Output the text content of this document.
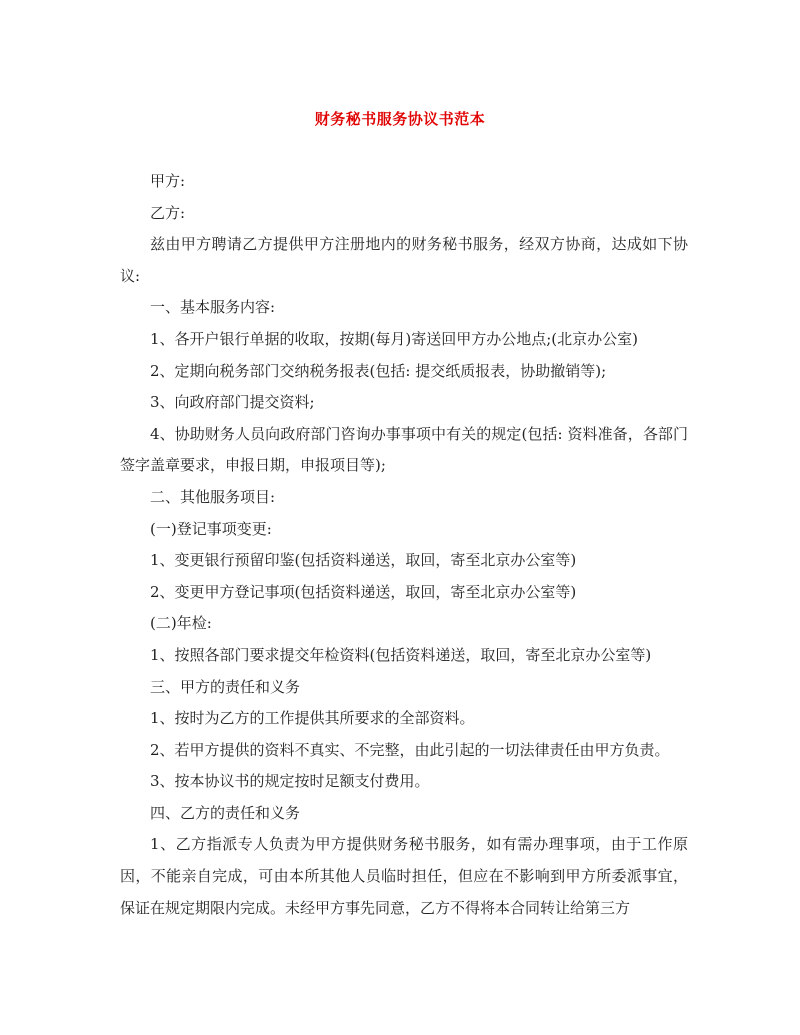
财务秘书服务协议书范本

甲方:

乙方:

兹由甲方聘请乙方提供甲方注册地内的财务秘书服务，经双方协商，达成如下协议:

一、基本服务内容:

1、各开户银行单据的收取，按期(每月)寄送回甲方办公地点;(北京办公室)

2、定期向税务部门交纳税务报表(包括: 提交纸质报表，协助撤销等);

3、向政府部门提交资料;

4、协助财务人员向政府部门咨询办事事项中有关的规定(包括: 资料准备，各部门签字盖章要求，申报日期，申报项目等);

二、其他服务项目:

(一)登记事项变更:

1、变更银行预留印鉴(包括资料递送，取回，寄至北京办公室等)

2、变更甲方登记事项(包括资料递送，取回，寄至北京办公室等)

(二)年检:

1、按照各部门要求提交年检资料(包括资料递送，取回，寄至北京办公室等)

三、甲方的责任和义务

1、按时为乙方的工作提供其所要求的全部资料。

2、若甲方提供的资料不真实、不完整，由此引起的一切法律责任由甲方负责。

3、按本协议书的规定按时足额支付费用。

四、乙方的责任和义务

1、乙方指派专人负责为甲方提供财务秘书服务，如有需办理事项，由于工作原因，不能亲自完成，可由本所其他人员临时担任，但应在不影响到甲方所委派事宜，保证在规定期限内完成。未经甲方事先同意，乙方不得将本合同转让给第三方
